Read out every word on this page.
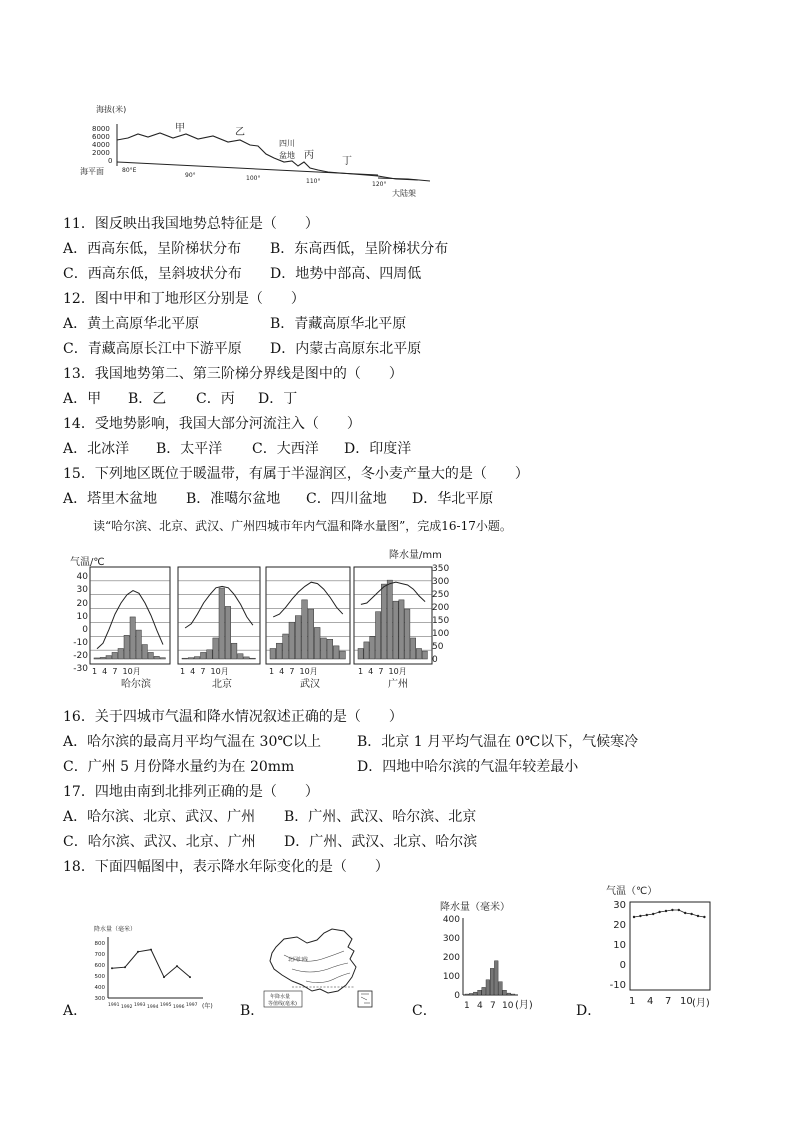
海拔(米)
8000
6000
4000
2000
0
甲	乙
四川
盆地 丙
丁
海平面	80°E
90°	100°	110°	120°
大陆架
11．图反映出我国地势总特征是（　　）
A．西高东低，呈阶梯状分布 B．东高西低，呈阶梯状分布
C．西高东低，呈斜坡状分布 D．地势中部高、四周低
12．图中甲和丁地形区分别是（　　）
A．黄土高原华北平原	B．青藏高原华北平原
C．青藏高原长江中下游平原 D．内蒙古高原东北平原
13．我国地势第二、第三阶梯分界线是图中的（　　）
A．甲 B．乙 C．丙 D．丁
14．受地势影响，我国大部分河流注入（　　）
A．北冰洋 B．太平洋 C．大西洋 D．印度洋
15．下列地区既位于暖温带，有属于半湿润区，冬小麦产量大的是（　　）
A．塔里木盆地 B．准噶尔盆地 C．四川盆地 D．华北平原
读“哈尔滨、北京、武汉、广州四城市年内气温和降水量图”，完成16-17小题。
气温/℃
降水量/mm
40
30
20
10
0
-10
-20
-30
350
300
250
200
150
100
50
0
1  4  7  10月	1  4  7  10月	1  4  7  10月	1  4  7  10月
哈尔滨	北京	武汉	广州
16．关于四城市气温和降水情况叙述正确的是（　　）
A．哈尔滨的最高月平均气温在 30℃以上	B．北京 1 月平均气温在 0℃以下，气候寒冷
C．广州 5 月份降水量约为在 20mm	D．四地中哈尔滨的气温年较差最小
17．四地由南到北排列正确的是（　　）
A．哈尔滨、北京、武汉、广州 B．广州、武汉、哈尔滨、北京
C．哈尔滨、武汉、北京、广州 D．广州、武汉、北京、哈尔滨
18．下面四幅图中，表示降水年际变化的是（　　）
A．	B．	C．	D．
降水量（毫米）
800
700
600
500
400
300
1991 1992 1993 1994 1995 1996 1997 (年)
北回归线
年降水量
等值线(毫米)
降水量（毫米）
400
300
200
100
0
1 4 7 10 (月)
气温（℃）
30
20
10
0
-10
1 4 7 10 (月)
